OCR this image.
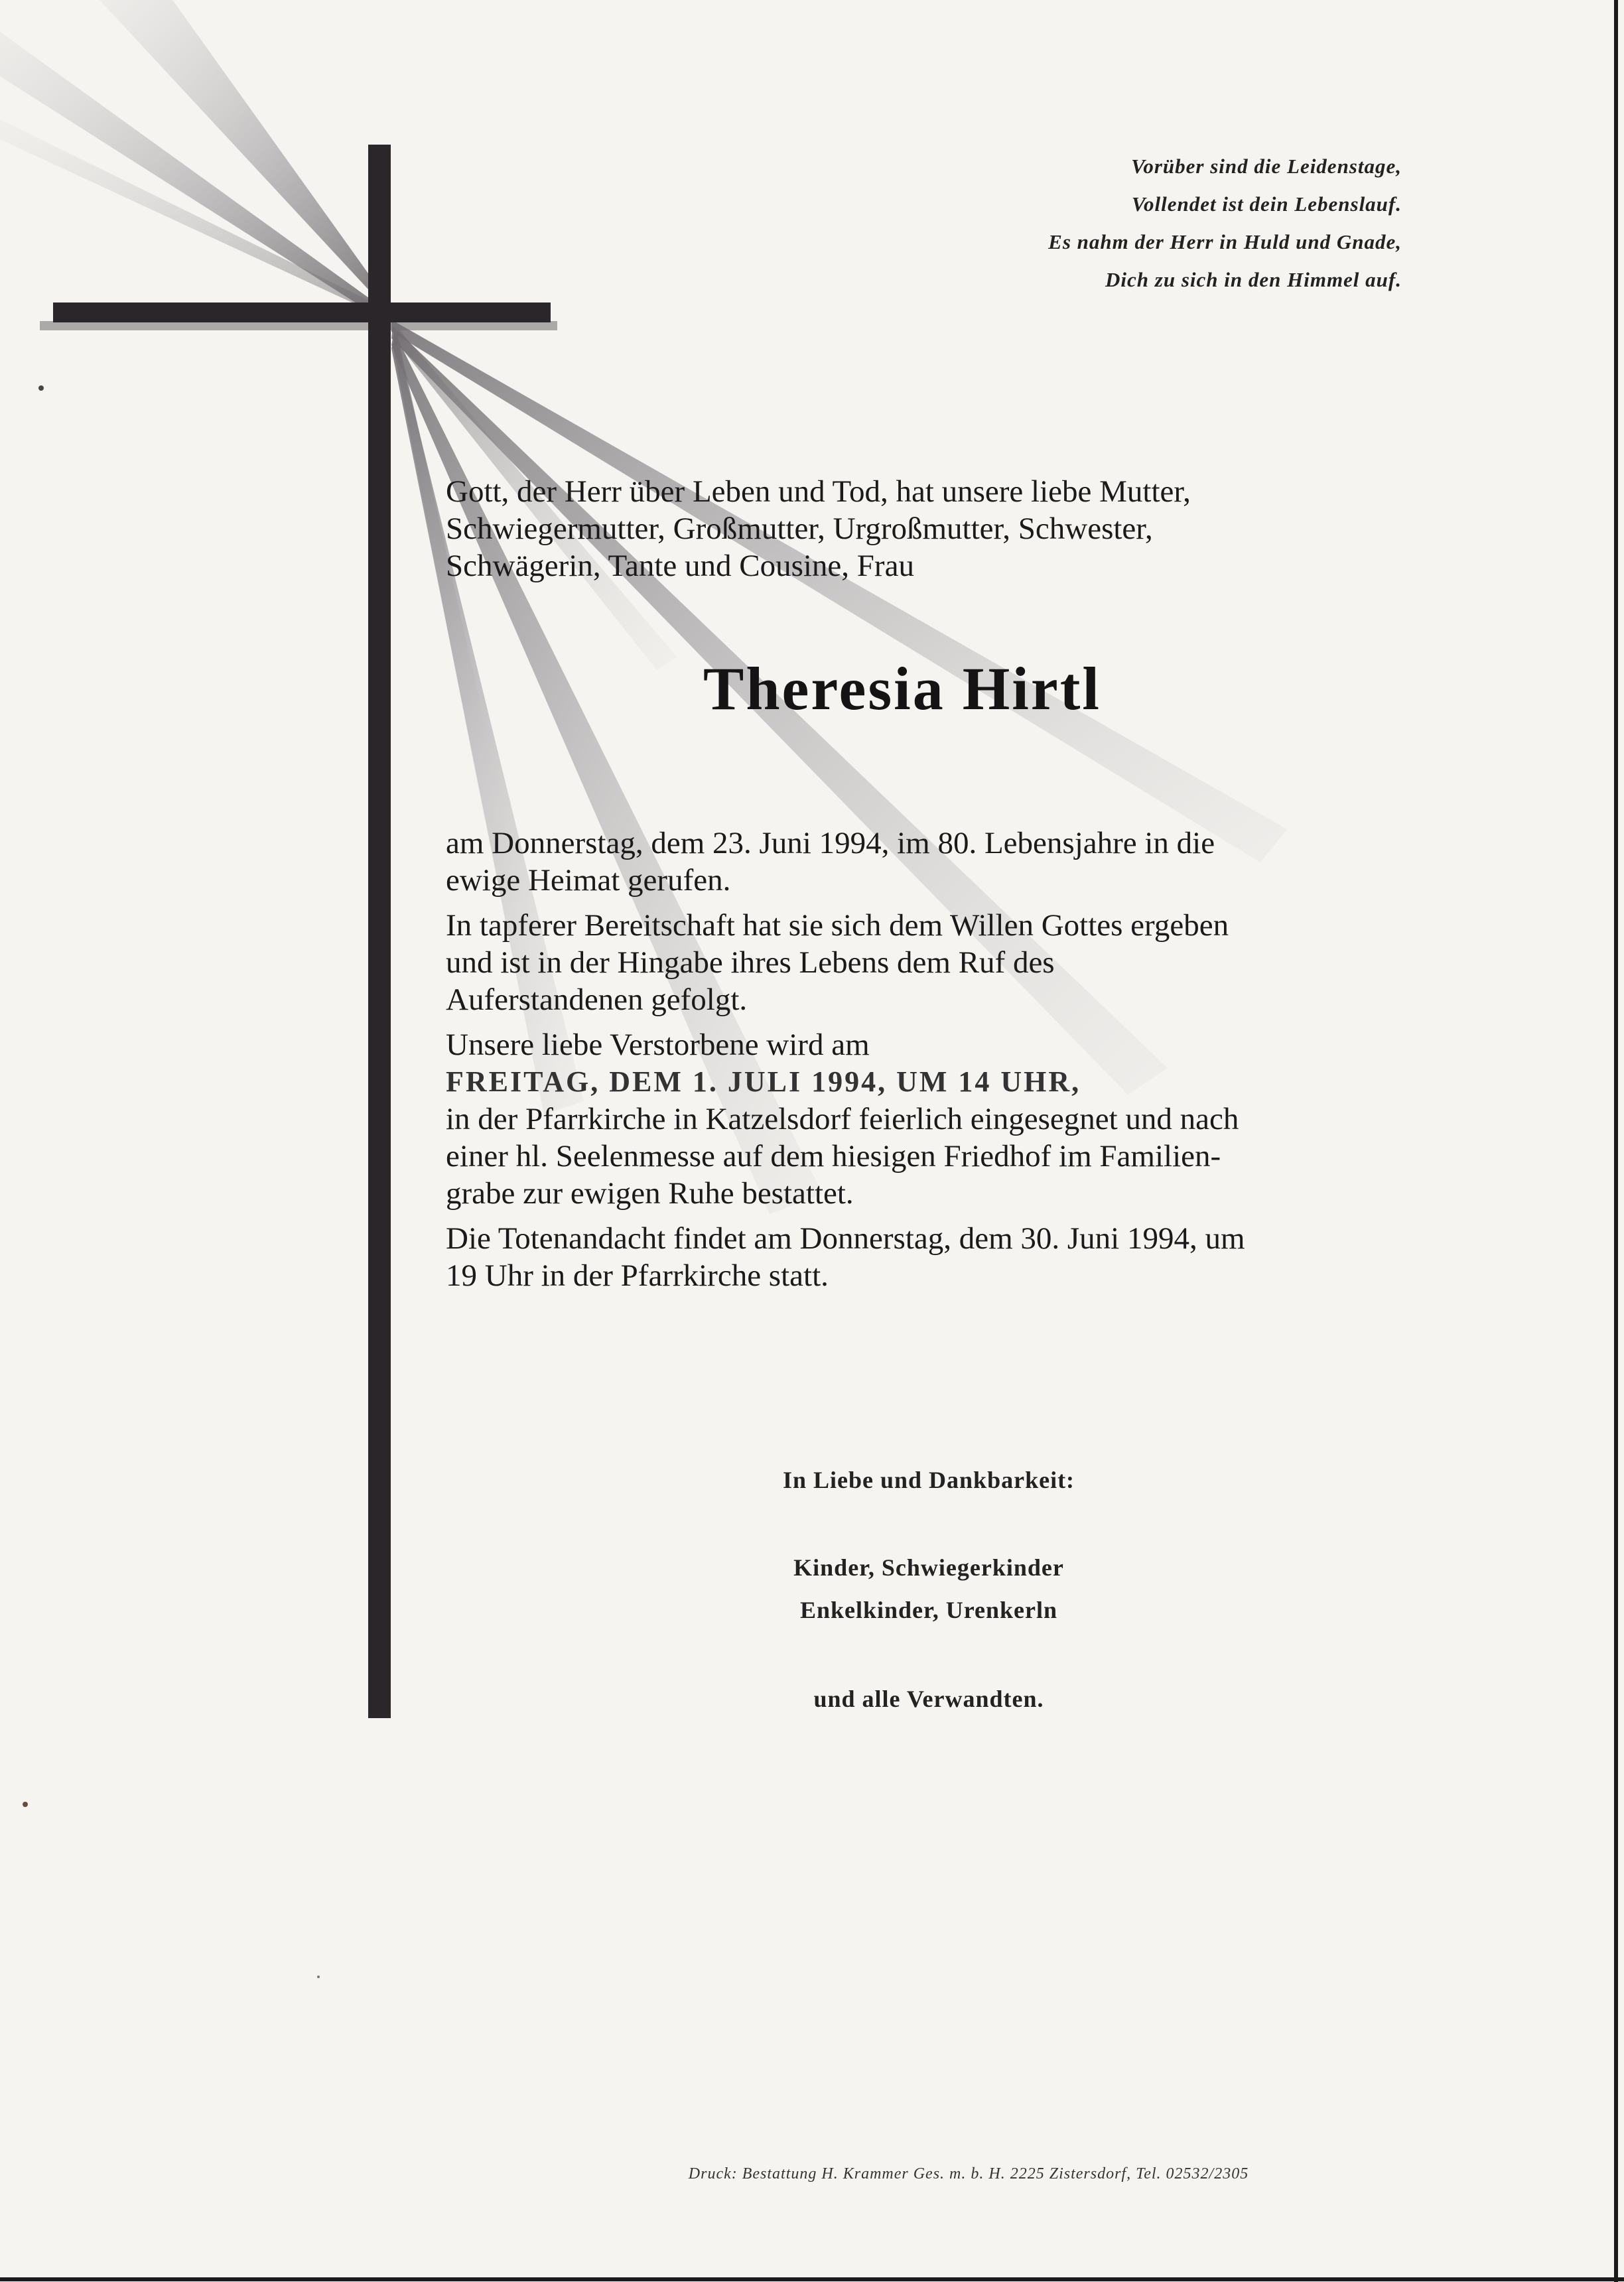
Vorüber sind die Leidenstage,
Vollendet ist dein Lebenslauf.
Es nahm der Herr in Huld und Gnade,
Dich zu sich in den Himmel auf.
Gott, der Herr über Leben und Tod, hat unsere liebe Mutter,
Schwiegermutter, Großmutter, Urgroßmutter, Schwester,
Schwägerin, Tante und Cousine, Frau
Theresia Hirtl

am Donnerstag, dem 23. Juni 1994, im 80. Lebensjahre in die
ewige Heimat gerufen.

In tapferer Bereitschaft hat sie sich dem Willen Gottes ergeben
und ist in der Hingabe ihres Lebens dem Ruf des
Auferstandenen gefolgt.

Unsere liebe Verstorbene wird am
FREITAG, DEM 1. JULI 1994, UM 14 UHR,
in der Pfarrkirche in Katzelsdorf feierlich eingesegnet und nach
einer hl. Seelenmesse auf dem hiesigen Friedhof im Familien-
grabe zur ewigen Ruhe bestattet.

Die Totenandacht findet am Donnerstag, dem 30. Juni 1994, um
19 Uhr in der Pfarrkirche statt.

In Liebe und Dankbarkeit:
Kinder, Schwiegerkinder
Enkelkinder, Urenkerln
und alle Verwandten.
Druck: Bestattung H. Krammer Ges. m. b. H. 2225 Zistersdorf, Tel. 02532/2305
